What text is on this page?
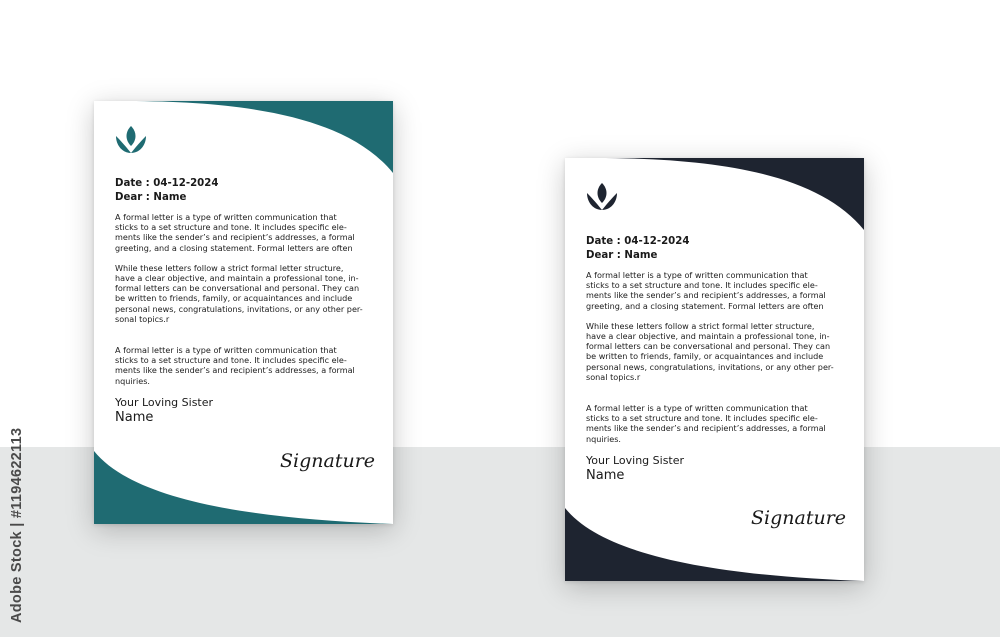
Date : 04-12-2024
Dear : Name

A formal letter is a type of written communication that
sticks to a set structure and tone. It includes specific ele-
ments like the sender’s and recipient’s addresses, a formal
greeting, and a closing statement. Formal letters are often

While these letters follow a strict formal letter structure,
have a clear objective, and maintain a professional tone, in-
formal letters can be conversational and personal. They can
be written to friends, family, or acquaintances and include
personal news, congratulations, invitations, or any other per-
sonal topics.r

A formal letter is a type of written communication that
sticks to a set structure and tone. It includes specific ele-
ments like the sender’s and recipient’s addresses, a formal
nquiries.

Your Loving Sister
Name
Signature
Date : 04-12-2024
Dear : Name

A formal letter is a type of written communication that
sticks to a set structure and tone. It includes specific ele-
ments like the sender’s and recipient’s addresses, a formal
greeting, and a closing statement. Formal letters are often

While these letters follow a strict formal letter structure,
have a clear objective, and maintain a professional tone, in-
formal letters can be conversational and personal. They can
be written to friends, family, or acquaintances and include
personal news, congratulations, invitations, or any other per-
sonal topics.r

A formal letter is a type of written communication that
sticks to a set structure and tone. It includes specific ele-
ments like the sender’s and recipient’s addresses, a formal
nquiries.

Your Loving Sister
Name
Signature
Adobe Stock | #1194622113
